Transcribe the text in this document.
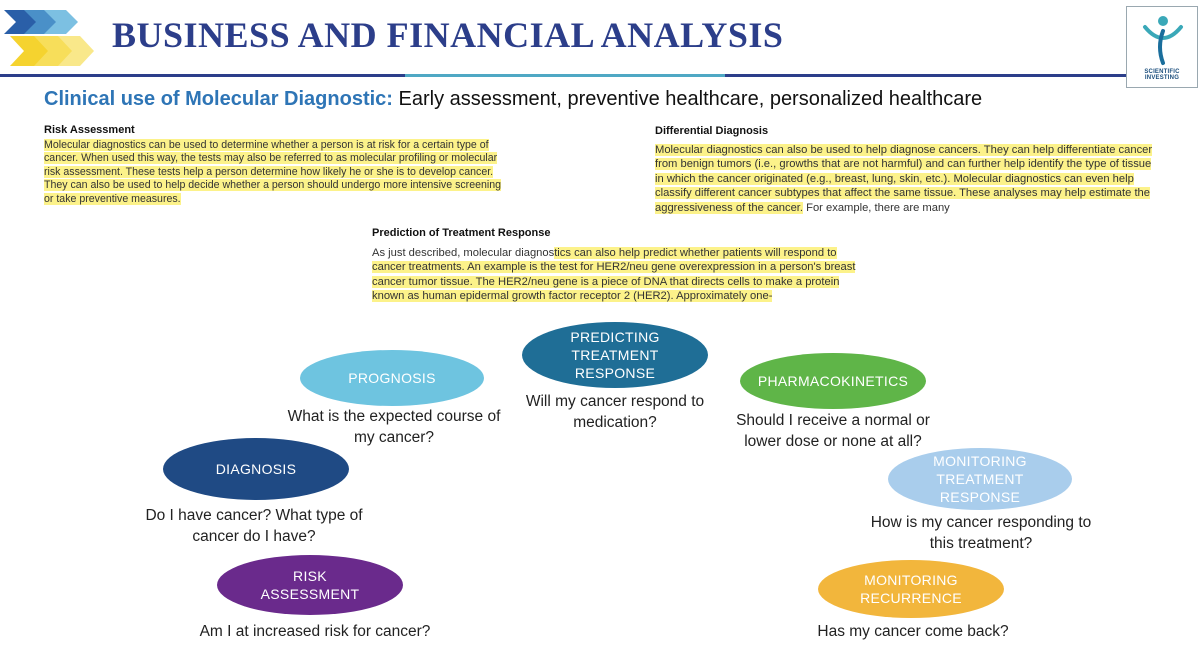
BUSINESS AND FINANCIAL ANALYSIS
SCIENTIFIC INVESTING
Clinical use of Molecular Diagnostic: Early assessment, preventive healthcare, personalized healthcare
Risk Assessment
Molecular diagnostics can be used to determine whether a person is at risk for a certain type of cancer. When used this way, the tests may also be referred to as molecular profiling or molecular risk assessment. These tests help a person determine how likely he or she is to develop cancer. They can also be used to help decide whether a person should undergo more intensive screening or take preventive measures.
Differential Diagnosis
Molecular diagnostics can also be used to help diagnose cancers. They can help differentiate cancer from benign tumors (i.e., growths that are not harmful) and can further help identify the type of tissue in which the cancer originated (e.g., breast, lung, skin, etc.). Molecular diagnostics can even help classify different cancer subtypes that affect the same tissue. These analyses may help estimate the aggressiveness of the cancer. For example, there are many
Prediction of Treatment Response
As just described, molecular diagnostics can also help predict whether patients will respond to cancer treatments. An example is the test for HER2/neu gene overexpression in a person's breast cancer tumor tissue. The HER2/neu gene is a piece of DNA that directs cells to make a protein known as human epidermal growth factor receptor 2 (HER2). Approximately one-
PROGNOSIS
What is the expected course of my cancer?
PREDICTING TREATMENT RESPONSE
Will my cancer respond to medication?
PHARMACOKINETICS
Should I receive a normal or lower dose or none at all?
DIAGNOSIS
Do I have cancer? What type of cancer do I have?
MONITORING TREATMENT RESPONSE
How is my cancer responding to this treatment?
RISK ASSESSMENT
Am I at increased risk for cancer?
MONITORING RECURRENCE
Has my cancer come back?
